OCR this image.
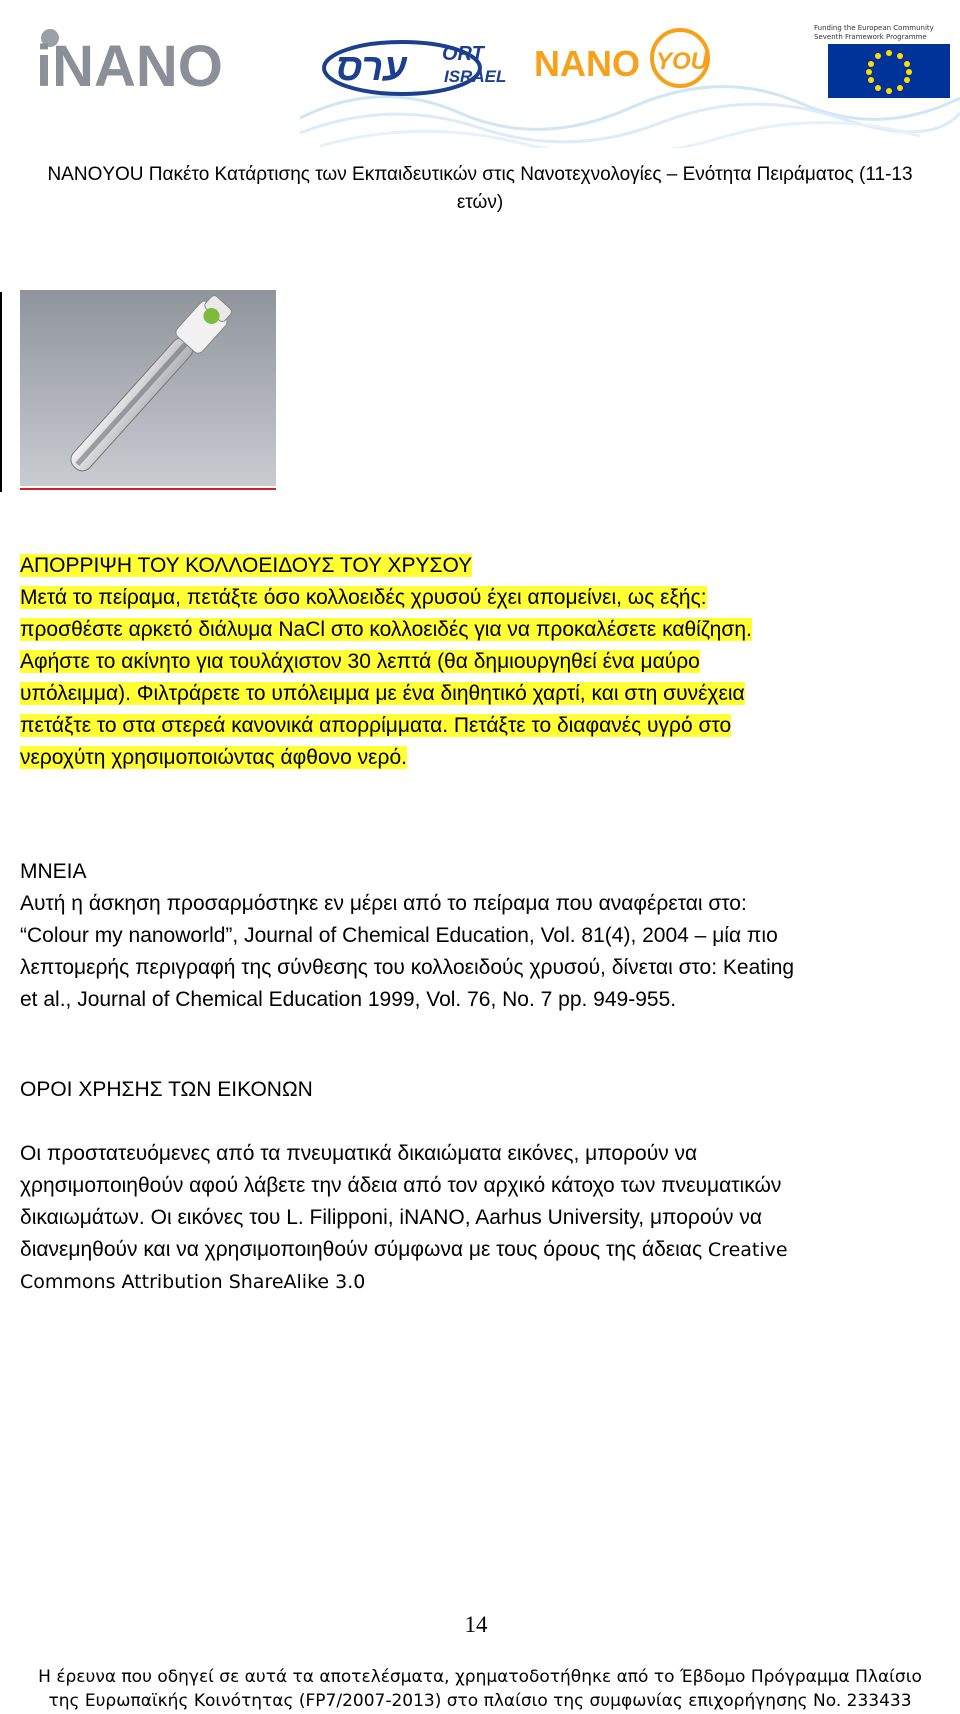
iNANO	ערס ORT
ISRAEL NANO YOU
Funding the European Community
Seventh Framework Programme
NANOYOU Πακέτο Κατάρτισης των Εκπαιδευτικών στις Νανοτεχνολογίες – Ενότητα Πειράματος (11-13
ετών)
ΑΠΟΡΡΙΨΗ ΤΟΥ ΚΟΛΛΟΕΙΔΟΥΣ ΤΟΥ ΧΡΥΣΟΥ
Μετά το πείραμα, πετάξτε όσο κολλοειδές χρυσού έχει απομείνει, ως εξής:
προσθέστε αρκετό διάλυμα NaCl στο κολλοειδές για να προκαλέσετε καθίζηση.
Αφήστε το ακίνητο για τουλάχιστον 30 λεπτά (θα δημιουργηθεί ένα μαύρο
υπόλειμμα). Φιλτράρετε το υπόλειμμα με ένα διηθητικό χαρτί, και στη συνέχεια
πετάξτε το στα στερεά κανονικά απορρίμματα. Πετάξτε το διαφανές υγρό στο
νεροχύτη χρησιμοποιώντας άφθονο νερό.
ΜΝΕΙΑ
Αυτή η άσκηση προσαρμόστηκε εν μέρει από το πείραμα που αναφέρεται στο:
“Colour my nanoworld”, Journal of Chemical Education, Vol. 81(4), 2004 – μία πιο
λεπτομερής περιγραφή της σύνθεσης του κολλοειδούς χρυσού, δίνεται στο: Keating
et al., Journal of Chemical Education 1999, Vol. 76, No. 7 pp. 949-955.
ΟΡΟΙ ΧΡΗΣΗΣ ΤΩΝ ΕΙΚΟΝΩΝ
Οι προστατευόμενες από τα πνευματικά δικαιώματα εικόνες, μπορούν να
χρησιμοποιηθούν αφού λάβετε την άδεια από τον αρχικό κάτοχο των πνευματικών
δικαιωμάτων. Οι εικόνες του L. Filipponi, iNANO, Aarhus University, μπορούν να
διανεμηθούν και να χρησιμοποιηθούν σύμφωνα με τους όρους της άδειας Creative
Commons Attribution ShareAlike 3.0
14
Η έρευνα που οδηγεί σε αυτά τα αποτελέσματα, χρηματοδοτήθηκε από το Έβδομο Πρόγραμμα Πλαίσιο
της Ευρωπαϊκής Κοινότητας (FP7/2007-2013) στο πλαίσιο της συμφωνίας επιχορήγησης No. 233433
